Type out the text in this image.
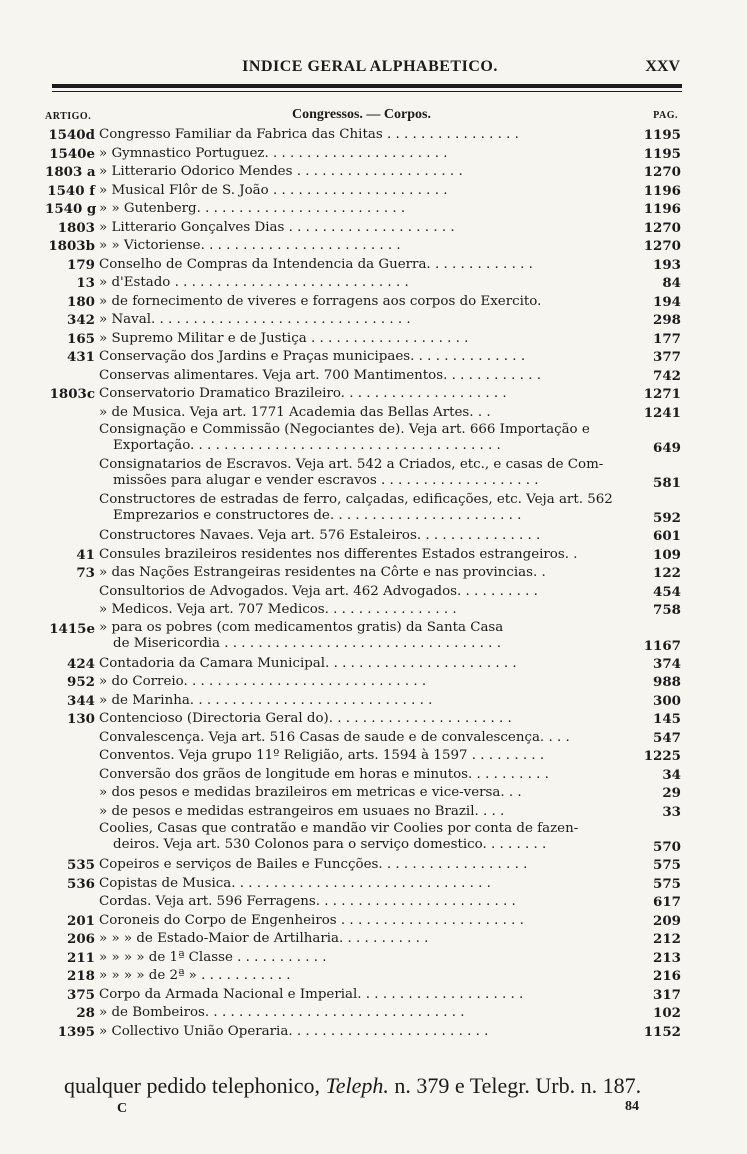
INDICE GERAL ALPHABETICO.	XXV
ARTIGO.	Congressos. — Corpos.	PAG.
1540d Congresso Familiar da Fabrica das Chitas . . . . . . . . . . . . . . . .	1195
1540e » Gymnastico Portuguez. . . . . . . . . . . . . . . . . . . . . .	1195
1803 a » Litterario Odorico Mendes . . . . . . . . . . . . . . . . . . . .	1270
1540 f » Musical Flôr de S. João . . . . . . . . . . . . . . . . . . . . .	1196
1540 g » » Gutenberg. . . . . . . . . . . . . . . . . . . . . . . . .	1196
1803 » Litterario Gonçalves Dias . . . . . . . . . . . . . . . . . . . .	1270
1803b » » Victoriense. . . . . . . . . . . . . . . . . . . . . . . .	1270
179 Conselho de Compras da Intendencia da Guerra. . . . . . . . . . . . .	193
13 » d'Estado . . . . . . . . . . . . . . . . . . . . . . . . . . . .	84
180 » de fornecimento de viveres e forragens aos corpos do Exercito.	194
342 » Naval. . . . . . . . . . . . . . . . . . . . . . . . . . . . . . .	298
165 » Supremo Militar e de Justiça . . . . . . . . . . . . . . . . . . .	177
431 Conservação dos Jardins e Praças municipaes. . . . . . . . . . . . . .	377
Conservas alimentares. Veja art. 700 Mantimentos. . . . . . . . . . . .	742
1803c Conservatorio Dramatico Brazileiro. . . . . . . . . . . . . . . . . . . .	1271
» de Musica. Veja art. 1771 Academia das Bellas Artes. . .	1241
Consignação e Commissão (Negociantes de). Veja art. 666 Importação e
Exportação. . . . . . . . . . . . . . . . . . . . . . . . . . . . . . . . . . . . .	649
Consignatarios de Escravos. Veja art. 542 a Criados, etc., e casas de Com-
missões para alugar e vender escravos . . . . . . . . . . . . . . . . . . .	581
Constructores de estradas de ferro, calçadas, edificações, etc. Veja art. 562
Emprezarios e constructores de. . . . . . . . . . . . . . . . . . . . . . .	592
Constructores Navaes. Veja art. 576 Estaleiros. . . . . . . . . . . . . . .	601
41 Consules brazileiros residentes nos differentes Estados estrangeiros. .	109
73 » das Nações Estrangeiras residentes na Côrte e nas provincias. .	122
Consultorios de Advogados. Veja art. 462 Advogados. . . . . . . . . .	454
» Medicos. Veja art. 707 Medicos. . . . . . . . . . . . . . . .	758
1415e » para os pobres (com medicamentos gratis) da Santa Casa
de Misericordia . . . . . . . . . . . . . . . . . . . . . . . . . . . . . . . . .	1167
424 Contadoria da Camara Municipal. . . . . . . . . . . . . . . . . . . . . . .	374
952 » do Correio. . . . . . . . . . . . . . . . . . . . . . . . . . . . .	988
344 » de Marinha. . . . . . . . . . . . . . . . . . . . . . . . . . . . .	300
130 Contencioso (Directoria Geral do). . . . . . . . . . . . . . . . . . . . . .	145
Convalescença. Veja art. 516 Casas de saude e de convalescença. . . .	547
Conventos. Veja grupo 11º Religião, arts. 1594 à 1597 . . . . . . . . .	1225
Conversão dos grãos de longitude em horas e minutos. . . . . . . . . .	34
» dos pesos e medidas brazileiros em metricas e vice-versa. . .	29
» de pesos e medidas estrangeiros em usuaes no Brazil. . . .	33
Coolies, Casas que contratão e mandão vir Coolies por conta de fazen-
deiros. Veja art. 530 Colonos para o serviço domestico. . . . . . . .	570
535 Copeiros e serviços de Bailes e Funcções. . . . . . . . . . . . . . . . . .	575
536 Copistas de Musica. . . . . . . . . . . . . . . . . . . . . . . . . . . . . . .	575
Cordas. Veja art. 596 Ferragens. . . . . . . . . . . . . . . . . . . . . . . .	617
201 Coroneis do Corpo de Engenheiros . . . . . . . . . . . . . . . . . . . . . .	209
206 » » » de Estado-Maior de Artilharia. . . . . . . . . . .	212
211 » » » » de 1ª Classe . . . . . . . . . . .	213
218 » » » » de 2ª » . . . . . . . . . . .	216
375 Corpo da Armada Nacional e Imperial. . . . . . . . . . . . . . . . . . . .	317
28 » de Bombeiros. . . . . . . . . . . . . . . . . . . . . . . . . . . . . . .	102
1395 » Collectivo União Operaria. . . . . . . . . . . . . . . . . . . . . . . .	1152
qualquer pedido telephonico, Teleph. n. 379 e Telegr. Urb. n. 187.
C	84
